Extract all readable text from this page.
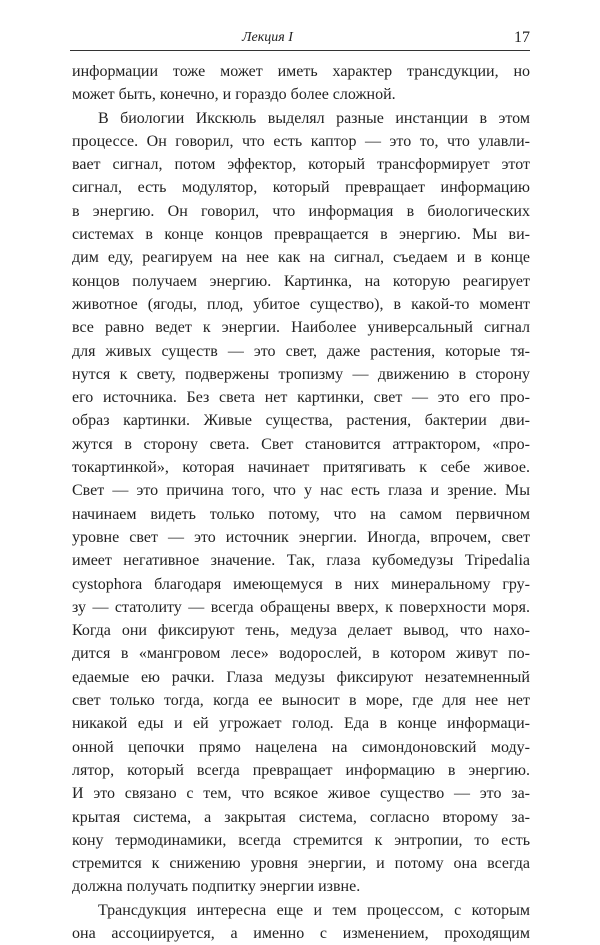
Лекция I	17
информации тоже может иметь характер трансдукции, но
может быть, конечно, и гораздо более сложной.
В биологии Икскюль выделял разные инстанции в этом
процессе. Он говорил, что есть каптор — это то, что улавли-
вает сигнал, потом эффектор, который трансформирует этот
сигнал, есть модулятор, который превращает информацию
в энергию. Он говорил, что информация в биологических
системах в конце концов превращается в энергию. Мы ви-
дим еду, реагируем на нее как на сигнал, съедаем и в конце
концов получаем энергию. Картинка, на которую реагирует
животное (ягоды, плод, убитое существо), в какой-то момент
все равно ведет к энергии. Наиболее универсальный сигнал
для живых существ — это свет, даже растения, которые тя-
нутся к свету, подвержены тропизму — движению в сторону
его источника. Без света нет картинки, свет — это его про-
образ картинки. Живые существа, растения, бактерии дви-
жутся в сторону света. Свет становится аттрактором, «про-
токартинкой», которая начинает притягивать к себе живое.
Свет — это причина того, что у нас есть глаза и зрение. Мы
начинаем видеть только потому, что на самом первичном
уровне свет — это источник энергии. Иногда, впрочем, свет
имеет негативное значение. Так, глаза кубомедузы Tripedalia
cystophora благодаря имеющемуся в них минеральному гру-
зу — статолиту — всегда обращены вверх, к поверхности моря.
Когда они фиксируют тень, медуза делает вывод, что нахо-
дится в «мангровом лесе» водорослей, в котором живут по-
едаемые ею рачки. Глаза медузы фиксируют незатемненный
свет только тогда, когда ее выносит в море, где для нее нет
никакой еды и ей угрожает голод. Еда в конце информаци-
онной цепочки прямо нацелена на симондоновский моду-
лятор, который всегда превращает информацию в энергию.
И это связано с тем, что всякое живое существо — это за-
крытая система, а закрытая система, согласно второму за-
кону термодинамики, всегда стремится к энтропии, то есть
стремится к снижению уровня энергии, и потому она всегда
должна получать подпитку энергии извне.
Трансдукция интересна еще и тем процессом, с которым
она ассоциируется, а именно с изменением, проходящим
